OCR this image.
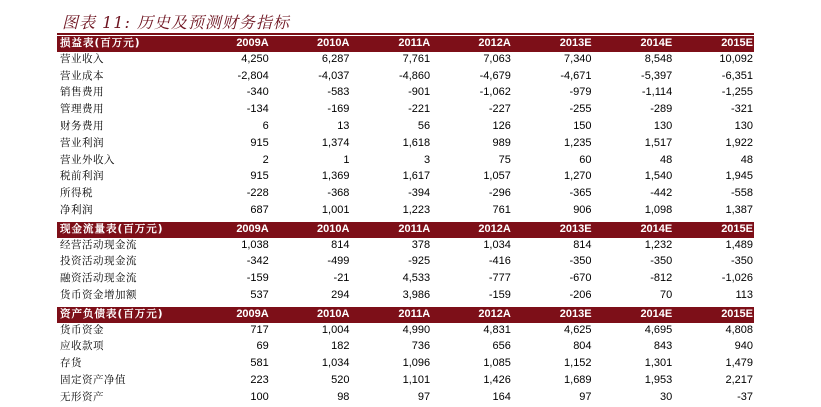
图表 11: 历史及预测财务指标
损益表(百万元)	2009A	2010A	2011A	2012A	2013E	2014E	2015E
营业收入	4,250	6,287	7,761	7,063	7,340	8,548	10,092
营业成本	-2,804	-4,037	-4,860	-4,679	-4,671	-5,397	-6,351
销售费用	-340	-583	-901	-1,062	-979	-1,114	-1,255
管理费用	-134	-169	-221	-227	-255	-289	-321
财务费用	6	13	56	126	150	130	130
营业利润	915	1,374	1,618	989	1,235	1,517	1,922
营业外收入	2	1	3	75	60	48	48
税前利润	915	1,369	1,617	1,057	1,270	1,540	1,945
所得税	-228	-368	-394	-296	-365	-442	-558
净利润	687	1,001	1,223	761	906	1,098	1,387

现金流量表(百万元)	2009A	2010A	2011A	2012A	2013E	2014E	2015E
经营活动现金流	1,038	814	378	1,034	814	1,232	1,489
投资活动现金流	-342	-499	-925	-416	-350	-350	-350
融资活动现金流	-159	-21	4,533	-777	-670	-812	-1,026
货币资金增加额	537	294	3,986	-159	-206	70	113

资产负债表(百万元)	2009A	2010A	2011A	2012A	2013E	2014E	2015E
货币资金	717	1,004	4,990	4,831	4,625	4,695	4,808
应收款项	69	182	736	656	804	843	940
存货	581	1,034	1,096	1,085	1,152	1,301	1,479
固定资产净值	223	520	1,101	1,426	1,689	1,953	2,217
无形资产	100	98	97	164	97	30	-37
